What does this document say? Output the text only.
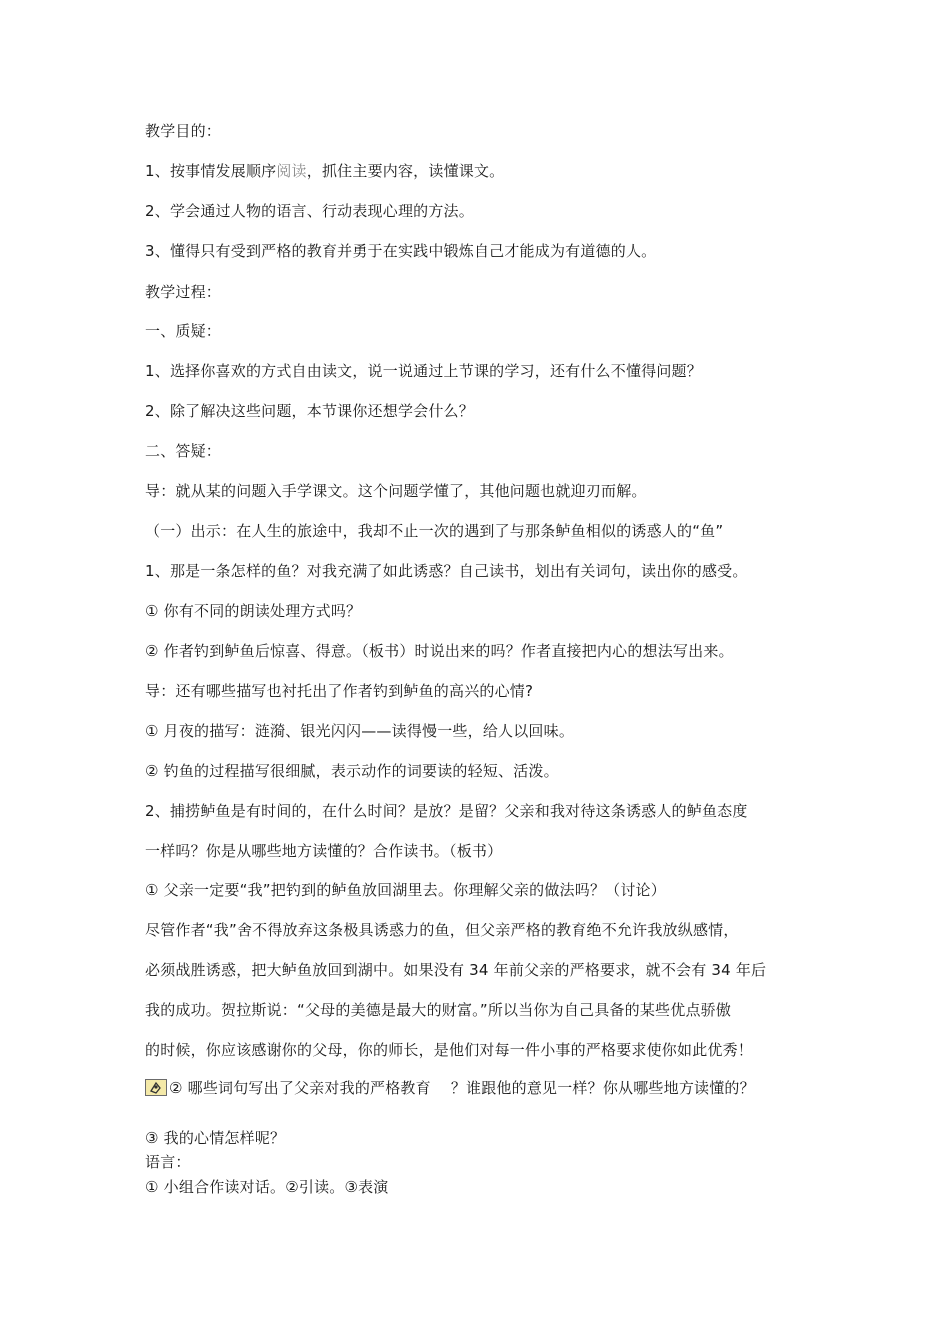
教学目的：
1、按事情发展顺序阅读，抓住主要内容，读懂课文。
2、学会通过人物的语言、行动表现心理的方法。
3、懂得只有受到严格的教育并勇于在实践中锻炼自己才能成为有道德的人。
教学过程：
一、质疑：
1、选择你喜欢的方式自由读文，说一说通过上节课的学习，还有什么不懂得问题？
2、除了解决这些问题，本节课你还想学会什么？
二、答疑：
导：就从某的问题入手学课文。这个问题学懂了，其他问题也就迎刃而解。
（一）出示：在人生的旅途中，我却不止一次的遇到了与那条鲈鱼相似的诱惑人的“鱼”
1、那是一条怎样的鱼？对我充满了如此诱惑？自己读书，划出有关词句，读出你的感受。
① 你有不同的朗读处理方式吗？
② 作者钓到鲈鱼后惊喜、得意。（板书）时说出来的吗？作者直接把内心的想法写出来。
导：还有哪些描写也衬托出了作者钓到鲈鱼的高兴的心情?
① 月夜的描写：涟漪、银光闪闪——读得慢一些，给人以回味。
② 钓鱼的过程描写很细腻，表示动作的词要读的轻短、活泼。
2、捕捞鲈鱼是有时间的，在什么时间？是放？是留？父亲和我对待这条诱惑人的鲈鱼态度
一样吗？你是从哪些地方读懂的？合作读书。（板书）
① 父亲一定要“我”把钓到的鲈鱼放回湖里去。你理解父亲的做法吗？（讨论）
尽管作者“我”舍不得放弃这条极具诱惑力的鱼，但父亲严格的教育绝不允许我放纵感情，
必须战胜诱惑，把大鲈鱼放回到湖中。如果没有 34 年前父亲的严格要求，就不会有 34 年后
我的成功。贺拉斯说：“父母的美德是最大的财富。”所以当你为自己具备的某些优点骄傲
的时候，你应该感谢你的父母，你的师长，是他们对每一件小事的严格要求使你如此优秀！
② 哪些词句写出了父亲对我的严格教育 ？谁跟他的意见一样？你从哪些地方读懂的？
③ 我的心情怎样呢？
语言：
① 小组合作读对话。②引读。③表演
